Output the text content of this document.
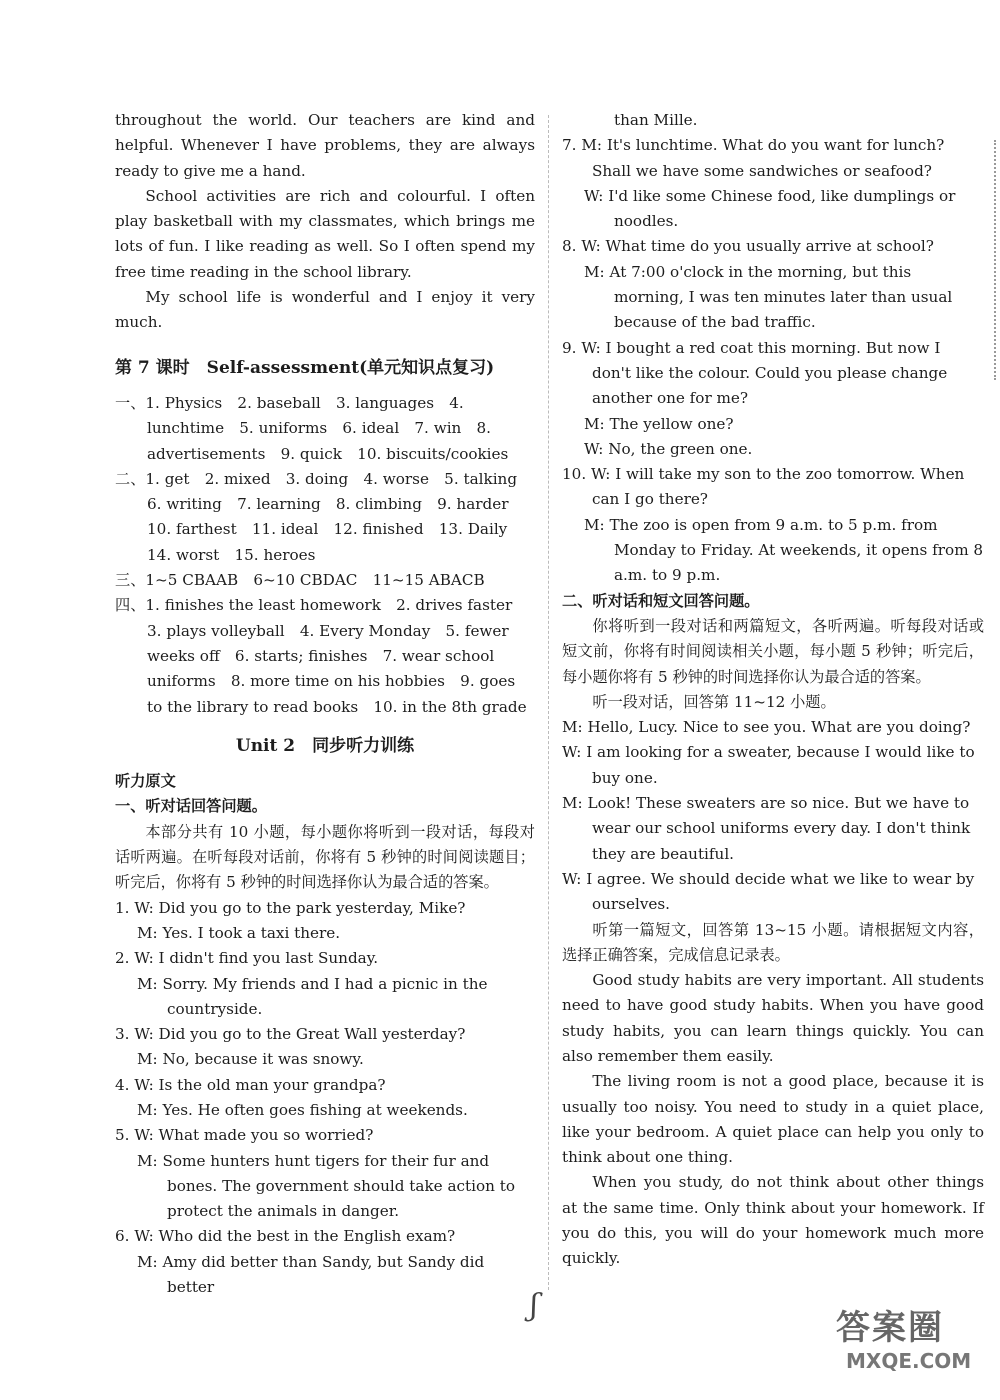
throughout the world. Our teachers are kind and helpful. Whenever I have problems, they are always ready to give me a hand.

School activities are rich and colourful. I often play basketball with my classmates, which brings me lots of fun. I like reading as well. So I often spend my free time reading in the school library.

My school life is wonderful and I enjoy it very much.

第 7 课时　Self-assessment(单元知识点复习)

一、1. Physics　2. baseball　3. languages　4. lunchtime　5. uniforms　6. ideal　7. win　8. advertisements　9. quick　10. biscuits/cookies

二、1. get　2. mixed　3. doing　4. worse　5. talking　6. writing　7. learning　8. climbing　9. harder　10. farthest　11. ideal　12. finished　13. Daily　14. worst　15. heroes

三、1~5 CBAAB　6~10 CBDAC　11~15 ABACB

四、1. finishes the least homework　2. drives faster　3. plays volleyball　4. Every Monday　5. fewer weeks off　6. starts; finishes　7. wear school uniforms　8. more time on his hobbies　9. goes to the library to read books　10. in the 8th grade

Unit 2　同步听力训练

听力原文

一、听对话回答问题。

本部分共有 10 小题，每小题你将听到一段对话，每段对话听两遍。在听每段对话前，你将有 5 秒钟的时间阅读题目；听完后，你将有 5 秒钟的时间选择你认为最合适的答案。

1. W: Did you go to the park yesterday, Mike?

M: Yes. I took a taxi there.

2. W: I didn't find you last Sunday.

M: Sorry. My friends and I had a picnic in the countryside.

3. W: Did you go to the Great Wall yesterday?

M: No, because it was snowy.

4. W: Is the old man your grandpa?

M: Yes. He often goes fishing at weekends.

5. W: What made you so worried?

M: Some hunters hunt tigers for their fur and bones. The government should take action to protect the animals in danger.

6. W: Who did the best in the English exam?

M: Amy did better than Sandy, but Sandy did better

than Mille.

7. M: It's lunchtime. What do you want for lunch? Shall we have some sandwiches or seafood?

W: I'd like some Chinese food, like dumplings or noodles.

8. W: What time do you usually arrive at school?

M: At 7:00 o'clock in the morning, but this morning, I was ten minutes later than usual because of the bad traffic.

9. W: I bought a red coat this morning. But now I don't like the colour. Could you please change another one for me?

M: The yellow one?

W: No, the green one.

10. W: I will take my son to the zoo tomorrow. When can I go there?

M: The zoo is open from 9 a.m. to 5 p.m. from Monday to Friday. At weekends, it opens from 8 a.m. to 9 p.m.

二、听对话和短文回答问题。

你将听到一段对话和两篇短文，各听两遍。听每段对话或短文前，你将有时间阅读相关小题，每小题 5 秒钟；听完后，每小题你将有 5 秒钟的时间选择你认为最合适的答案。

听一段对话，回答第 11~12 小题。

M: Hello, Lucy. Nice to see you. What are you doing?

W: I am looking for a sweater, because I would like to buy one.

M: Look! These sweaters are so nice. But we have to wear our school uniforms every day. I don't think they are beautiful.

W: I agree. We should decide what we like to wear by ourselves.

听第一篇短文，回答第 13~15 小题。请根据短文内容，选择正确答案，完成信息记录表。

Good study habits are very important. All students need to have good study habits. When you have good study habits, you can learn things quickly. You can also remember them easily.

The living room is not a good place, because it is usually too noisy. You need to study in a quiet place, like your bedroom. A quiet place can help you only to think about one thing.

When you study, do not think about other things at the same time. Only think about your homework. If you do this, you will do your homework much more quickly.

ʃ
答案圈
MXQE.COM
